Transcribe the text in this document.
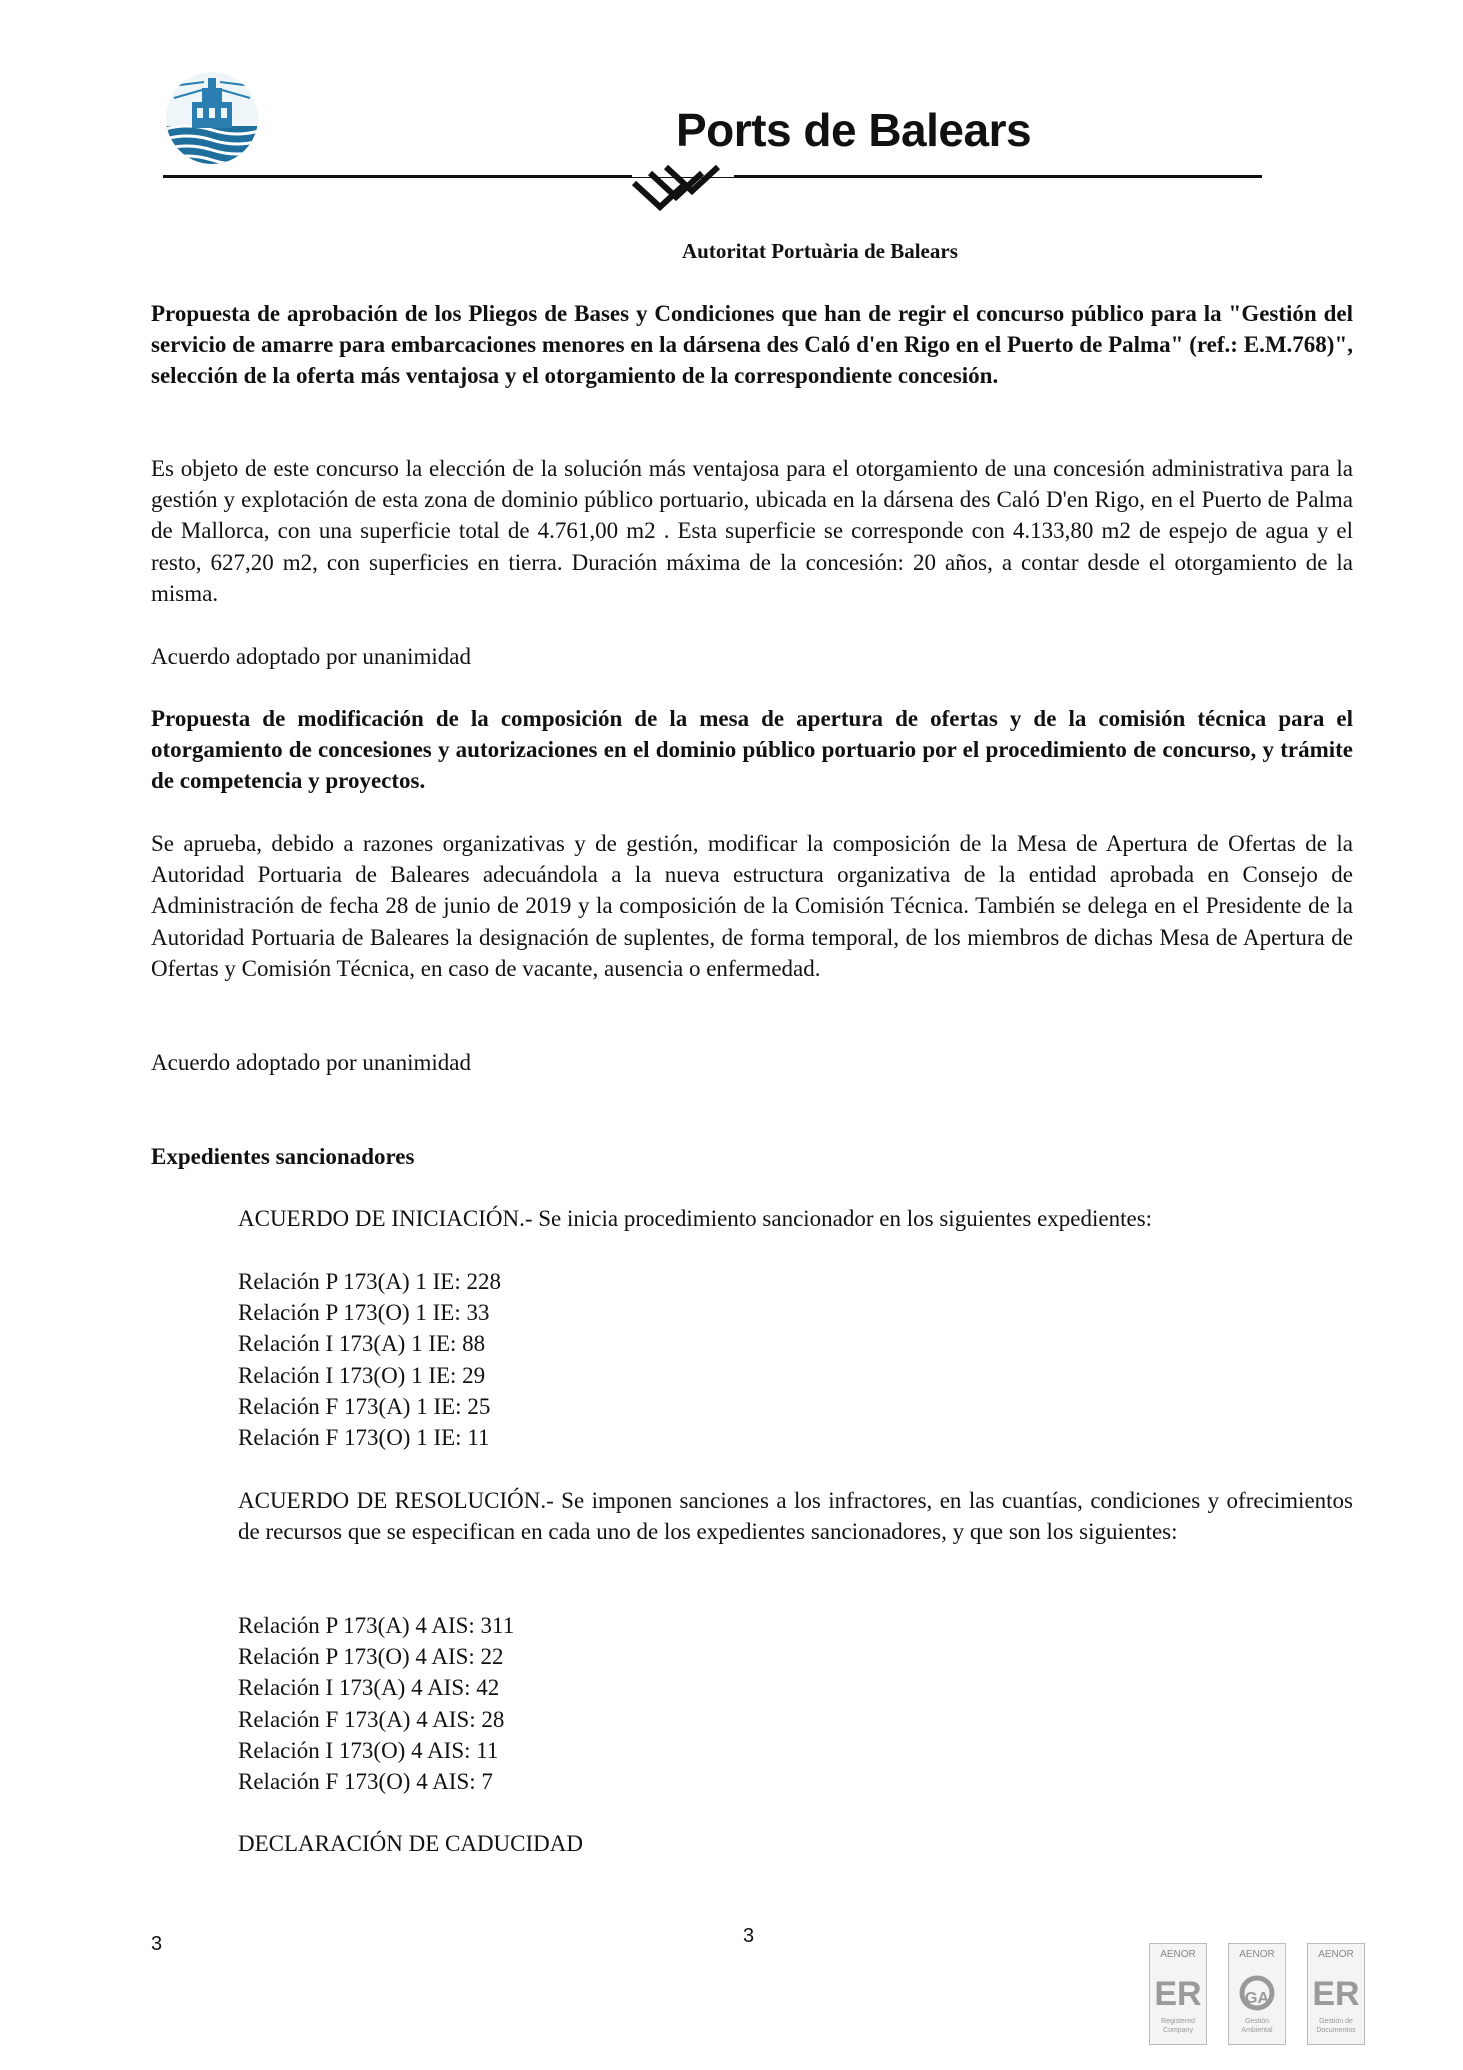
Ports de Balears
Autoritat Portuària de Balears

Propuesta de aprobación de los Pliegos de Bases y Condiciones que han de regir el concurso público para la "Gestión del servicio de amarre para embarcaciones menores en la dársena des Caló d'en Rigo en el Puerto de Palma" (ref.: E.M.768)", selección de la oferta más ventajosa y el otorgamiento de la correspondiente concesión.

Es objeto de este concurso la elección de la solución más ventajosa para el otorgamiento de una concesión administrativa para la gestión y explotación de esta zona de dominio público portuario, ubicada en la dársena des Caló D'en Rigo, en el Puerto de Palma de Mallorca, con una superficie total de 4.761,00 m2 . Esta superficie se corresponde con 4.133,80 m2 de espejo de agua y el resto, 627,20 m2, con superficies en tierra. Duración máxima de la concesión: 20 años, a contar desde el otorgamiento de la misma.

Acuerdo adoptado por unanimidad

Propuesta de modificación de la composición de la mesa de apertura de ofertas y de la comisión técnica para el otorgamiento de concesiones y autorizaciones en el dominio público portuario por el procedimiento de concurso, y trámite de competencia y proyectos.

Se aprueba, debido a razones organizativas y de gestión, modificar la composición de la Mesa de Apertura de Ofertas de la Autoridad Portuaria de Baleares adecuándola a la nueva estructura organizativa de la entidad aprobada en Consejo de Administración de fecha 28 de junio de 2019 y la composición de la Comisión Técnica. También se delega en el Presidente de la Autoridad Portuaria de Baleares la designación de suplentes, de forma temporal, de los miembros de dichas Mesa de Apertura de Ofertas y Comisión Técnica, en caso de vacante, ausencia o enfermedad.

Acuerdo adoptado por unanimidad

Expedientes sancionadores

ACUERDO DE INICIACIÓN.- Se inicia procedimiento sancionador en los siguientes expedientes:

Relación P 173(A) 1 IE: 228
Relación P 173(O) 1 IE: 33
Relación I 173(A) 1 IE: 88
Relación I 173(O) 1 IE: 29
Relación F 173(A) 1 IE: 25
Relación F 173(O) 1 IE: 11

ACUERDO DE RESOLUCIÓN.- Se imponen sanciones a los infractores, en las cuantías, condiciones y ofrecimientos de recursos que se especifican en cada uno de los expedientes sancionadores, y que son los siguientes:

Relación P 173(A) 4 AIS: 311
Relación P 173(O) 4 AIS: 22
Relación I 173(A) 4 AIS: 42
Relación F 173(A) 4 AIS: 28
Relación I 173(O) 4 AIS: 11
Relación F 173(O) 4 AIS: 7

DECLARACIÓN DE CADUCIDAD

3	3
AENOR
ER
Registered
Company
AENOR
GA
Gestión
Ambiental
AENOR
ER
Gestión de
Documentos
